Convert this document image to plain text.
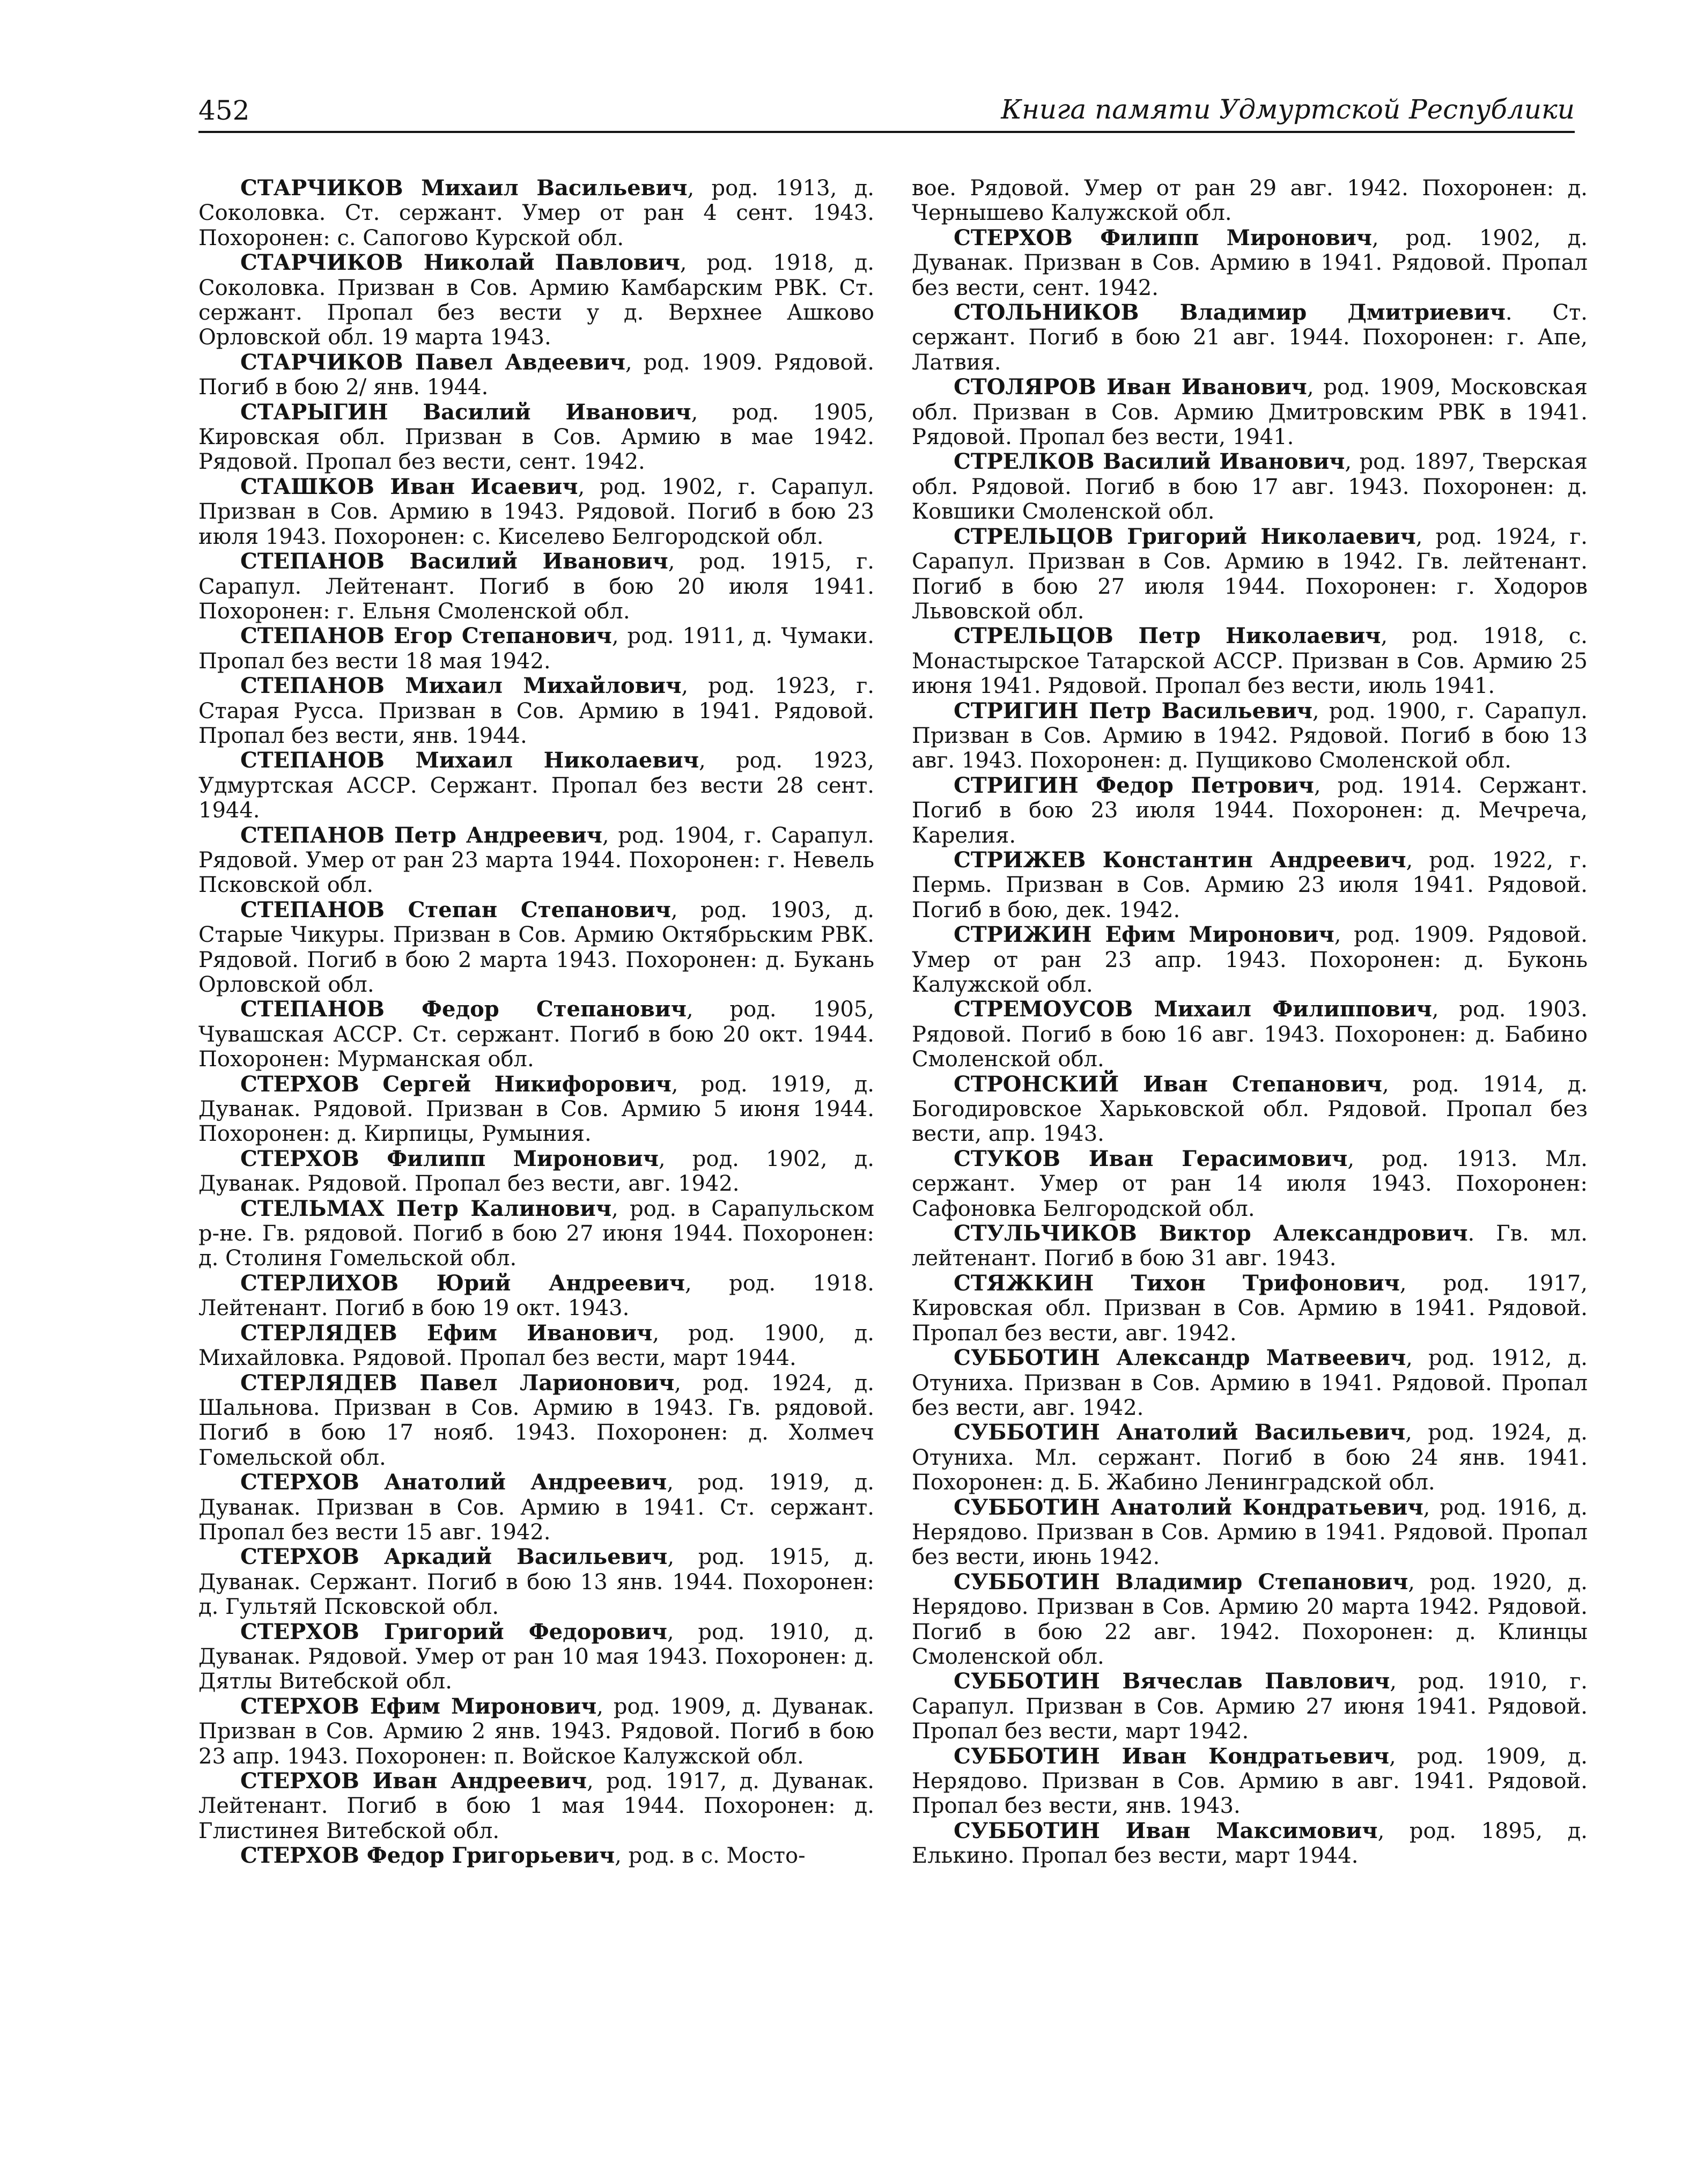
452	Книга памяти Удмуртской Республики

СТАРЧИКОВ Михаил Васильевич, род. 1913, д. Соколовка. Ст. сержант. Умер от ран 4 сент. 1943. Похоронен: с. Сапогово Курской обл.

СТАРЧИКОВ Николай Павлович, род. 1918, д. Соколовка. Призван в Сов. Армию Камбарским РВК. Ст. сержант. Пропал без вести у д. Верхнее Ашково Орловской обл. 19 марта 1943.

СТАРЧИКОВ Павел Авдеевич, род. 1909. Рядовой. Погиб в бою 2/ янв. 1944.

СТАРЫГИН Василий Иванович, род. 1905, Кировская обл. Призван в Сов. Армию в мае 1942. Рядовой. Пропал без вести, сент. 1942.

СТАШКОВ Иван Исаевич, род. 1902, г. Сарапул. Призван в Сов. Армию в 1943. Рядовой. Погиб в бою 23 июля 1943. Похоронен: с. Киселево Белгородской обл.

СТЕПАНОВ Василий Иванович, род. 1915, г. Сарапул. Лейтенант. Погиб в бою 20 июля 1941. Похоронен: г. Ельня Смоленской обл.

СТЕПАНОВ Егор Степанович, род. 1911, д. Чумаки. Пропал без вести 18 мая 1942.

СТЕПАНОВ Михаил Михайлович, род. 1923, г. Старая Русса. Призван в Сов. Армию в 1941. Рядовой. Пропал без вести, янв. 1944.

СТЕПАНОВ Михаил Николаевич, род. 1923, Удмуртская АССР. Сержант. Пропал без вести 28 сент. 1944.

СТЕПАНОВ Петр Андреевич, род. 1904, г. Сарапул. Рядовой. Умер от ран 23 марта 1944. Похоронен: г. Невель Псковской обл.

СТЕПАНОВ Степан Степанович, род. 1903, д. Старые Чикуры. Призван в Сов. Армию Октябрьским РВК. Рядовой. Погиб в бою 2 марта 1943. Похоронен: д. Букань Орловской обл.

СТЕПАНОВ Федор Степанович, род. 1905, Чувашская АССР. Ст. сержант. Погиб в бою 20 окт. 1944. Похоронен: Мурманская обл.

СТЕРХОВ Сергей Никифорович, род. 1919, д. Дуванак. Рядовой. Призван в Сов. Армию 5 июня 1944. Похоронен: д. Кирпицы, Румыния.

СТЕРХОВ Филипп Миронович, род. 1902, д. Дуванак. Рядовой. Пропал без вести, авг. 1942.

СТЕЛЬМАХ Петр Калинович, род. в Сарапульском р-не. Гв. рядовой. Погиб в бою 27 июня 1944. Похоронен: д. Столиня Гомельской обл.

СТЕРЛИХОВ Юрий Андреевич, род. 1918. Лейтенант. Погиб в бою 19 окт. 1943.

СТЕРЛЯДЕВ Ефим Иванович, род. 1900, д. Михайловка. Рядовой. Пропал без вести, март 1944.

СТЕРЛЯДЕВ Павел Ларионович, род. 1924, д. Шальнова. Призван в Сов. Армию в 1943. Гв. рядовой. Погиб в бою 17 нояб. 1943. Похоронен: д. Холмеч Гомельской обл.

СТЕРХОВ Анатолий Андреевич, род. 1919, д. Дуванак. Призван в Сов. Армию в 1941. Ст. сержант. Пропал без вести 15 авг. 1942.

СТЕРХОВ Аркадий Васильевич, род. 1915, д. Дуванак. Сержант. Погиб в бою 13 янв. 1944. Похоронен: д. Гультяй Псковской обл.

СТЕРХОВ Григорий Федорович, род. 1910, д. Дуванак. Рядовой. Умер от ран 10 мая 1943. Похоронен: д. Дятлы Витебской обл.

СТЕРХОВ Ефим Миронович, род. 1909, д. Дуванак. Призван в Сов. Армию 2 янв. 1943. Рядовой. Погиб в бою 23 апр. 1943. Похоронен: п. Войское Калужской обл.

СТЕРХОВ Иван Андреевич, род. 1917, д. Дуванак. Лейтенант. Погиб в бою 1 мая 1944. Похоронен: д. Глистинея Витебской обл.

СТЕРХОВ Федор Григорьевич, род. в с. Мосто-

вое. Рядовой. Умер от ран 29 авг. 1942. Похоронен: д. Чернышево Калужской обл.

СТЕРХОВ Филипп Миронович, род. 1902, д. Дуванак. Призван в Сов. Армию в 1941. Рядовой. Пропал без вести, сент. 1942.

СТОЛЬНИКОВ Владимир Дмитриевич. Ст. сержант. Погиб в бою 21 авг. 1944. Похоронен: г. Апе, Латвия.

СТОЛЯРОВ Иван Иванович, род. 1909, Московская обл. Призван в Сов. Армию Дмитровским РВК в 1941. Рядовой. Пропал без вести, 1941.

СТРЕЛКОВ Василий Иванович, род. 1897, Тверская обл. Рядовой. Погиб в бою 17 авг. 1943. Похоронен: д. Ковшики Смоленской обл.

СТРЕЛЬЦОВ Григорий Николаевич, род. 1924, г. Сарапул. Призван в Сов. Армию в 1942. Гв. лейтенант. Погиб в бою 27 июля 1944. Похоронен: г. Ходоров Львовской обл.

СТРЕЛЬЦОВ Петр Николаевич, род. 1918, с. Монастырское Татарской АССР. Призван в Сов. Армию 25 июня 1941. Рядовой. Пропал без вести, июль 1941.

СТРИГИН Петр Васильевич, род. 1900, г. Сарапул. Призван в Сов. Армию в 1942. Рядовой. Погиб в бою 13 авг. 1943. Похоронен: д. Пущиково Смоленской обл.

СТРИГИН Федор Петрович, род. 1914. Сержант. Погиб в бою 23 июля 1944. Похоронен: д. Мечреча, Карелия.

СТРИЖЕВ Константин Андреевич, род. 1922, г. Пермь. Призван в Сов. Армию 23 июля 1941. Рядовой. Погиб в бою, дек. 1942.

СТРИЖИН Ефим Миронович, род. 1909. Рядовой. Умер от ран 23 апр. 1943. Похоронен: д. Буконь Калужской обл.

СТРЕМОУСОВ Михаил Филиппович, род. 1903. Рядовой. Погиб в бою 16 авг. 1943. Похоронен: д. Бабино Смоленской обл.

СТРОНСКИЙ Иван Степанович, род. 1914, д. Богодировское Харьковской обл. Рядовой. Пропал без вести, апр. 1943.

СТУКОВ Иван Герасимович, род. 1913. Мл. сержант. Умер от ран 14 июля 1943. Похоронен: Сафоновка Белгородской обл.

СТУЛЬЧИКОВ Виктор Александрович. Гв. мл. лейтенант. Погиб в бою 31 авг. 1943.

СТЯЖКИН Тихон Трифонович, род. 1917, Кировская обл. Призван в Сов. Армию в 1941. Рядовой. Пропал без вести, авг. 1942.

СУББОТИН Александр Матвеевич, род. 1912, д. Отуниха. Призван в Сов. Армию в 1941. Рядовой. Пропал без вести, авг. 1942.

СУББОТИН Анатолий Васильевич, род. 1924, д. Отуниха. Мл. сержант. Погиб в бою 24 янв. 1941. Похоронен: д. Б. Жабино Ленинградской обл.

СУББОТИН Анатолий Кондратьевич, род. 1916, д. Нерядово. Призван в Сов. Армию в 1941. Рядовой. Пропал без вести, июнь 1942.

СУББОТИН Владимир Степанович, род. 1920, д. Нерядово. Призван в Сов. Армию 20 марта 1942. Рядовой. Погиб в бою 22 авг. 1942. Похоронен: д. Клинцы Смоленской обл.

СУББОТИН Вячеслав Павлович, род. 1910, г. Сарапул. Призван в Сов. Армию 27 июня 1941. Рядовой. Пропал без вести, март 1942.

СУББОТИН Иван Кондратьевич, род. 1909, д. Нерядово. Призван в Сов. Армию в авг. 1941. Рядовой. Пропал без вести, янв. 1943.

СУББОТИН Иван Максимович, род. 1895, д. Елькино. Пропал без вести, март 1944.
